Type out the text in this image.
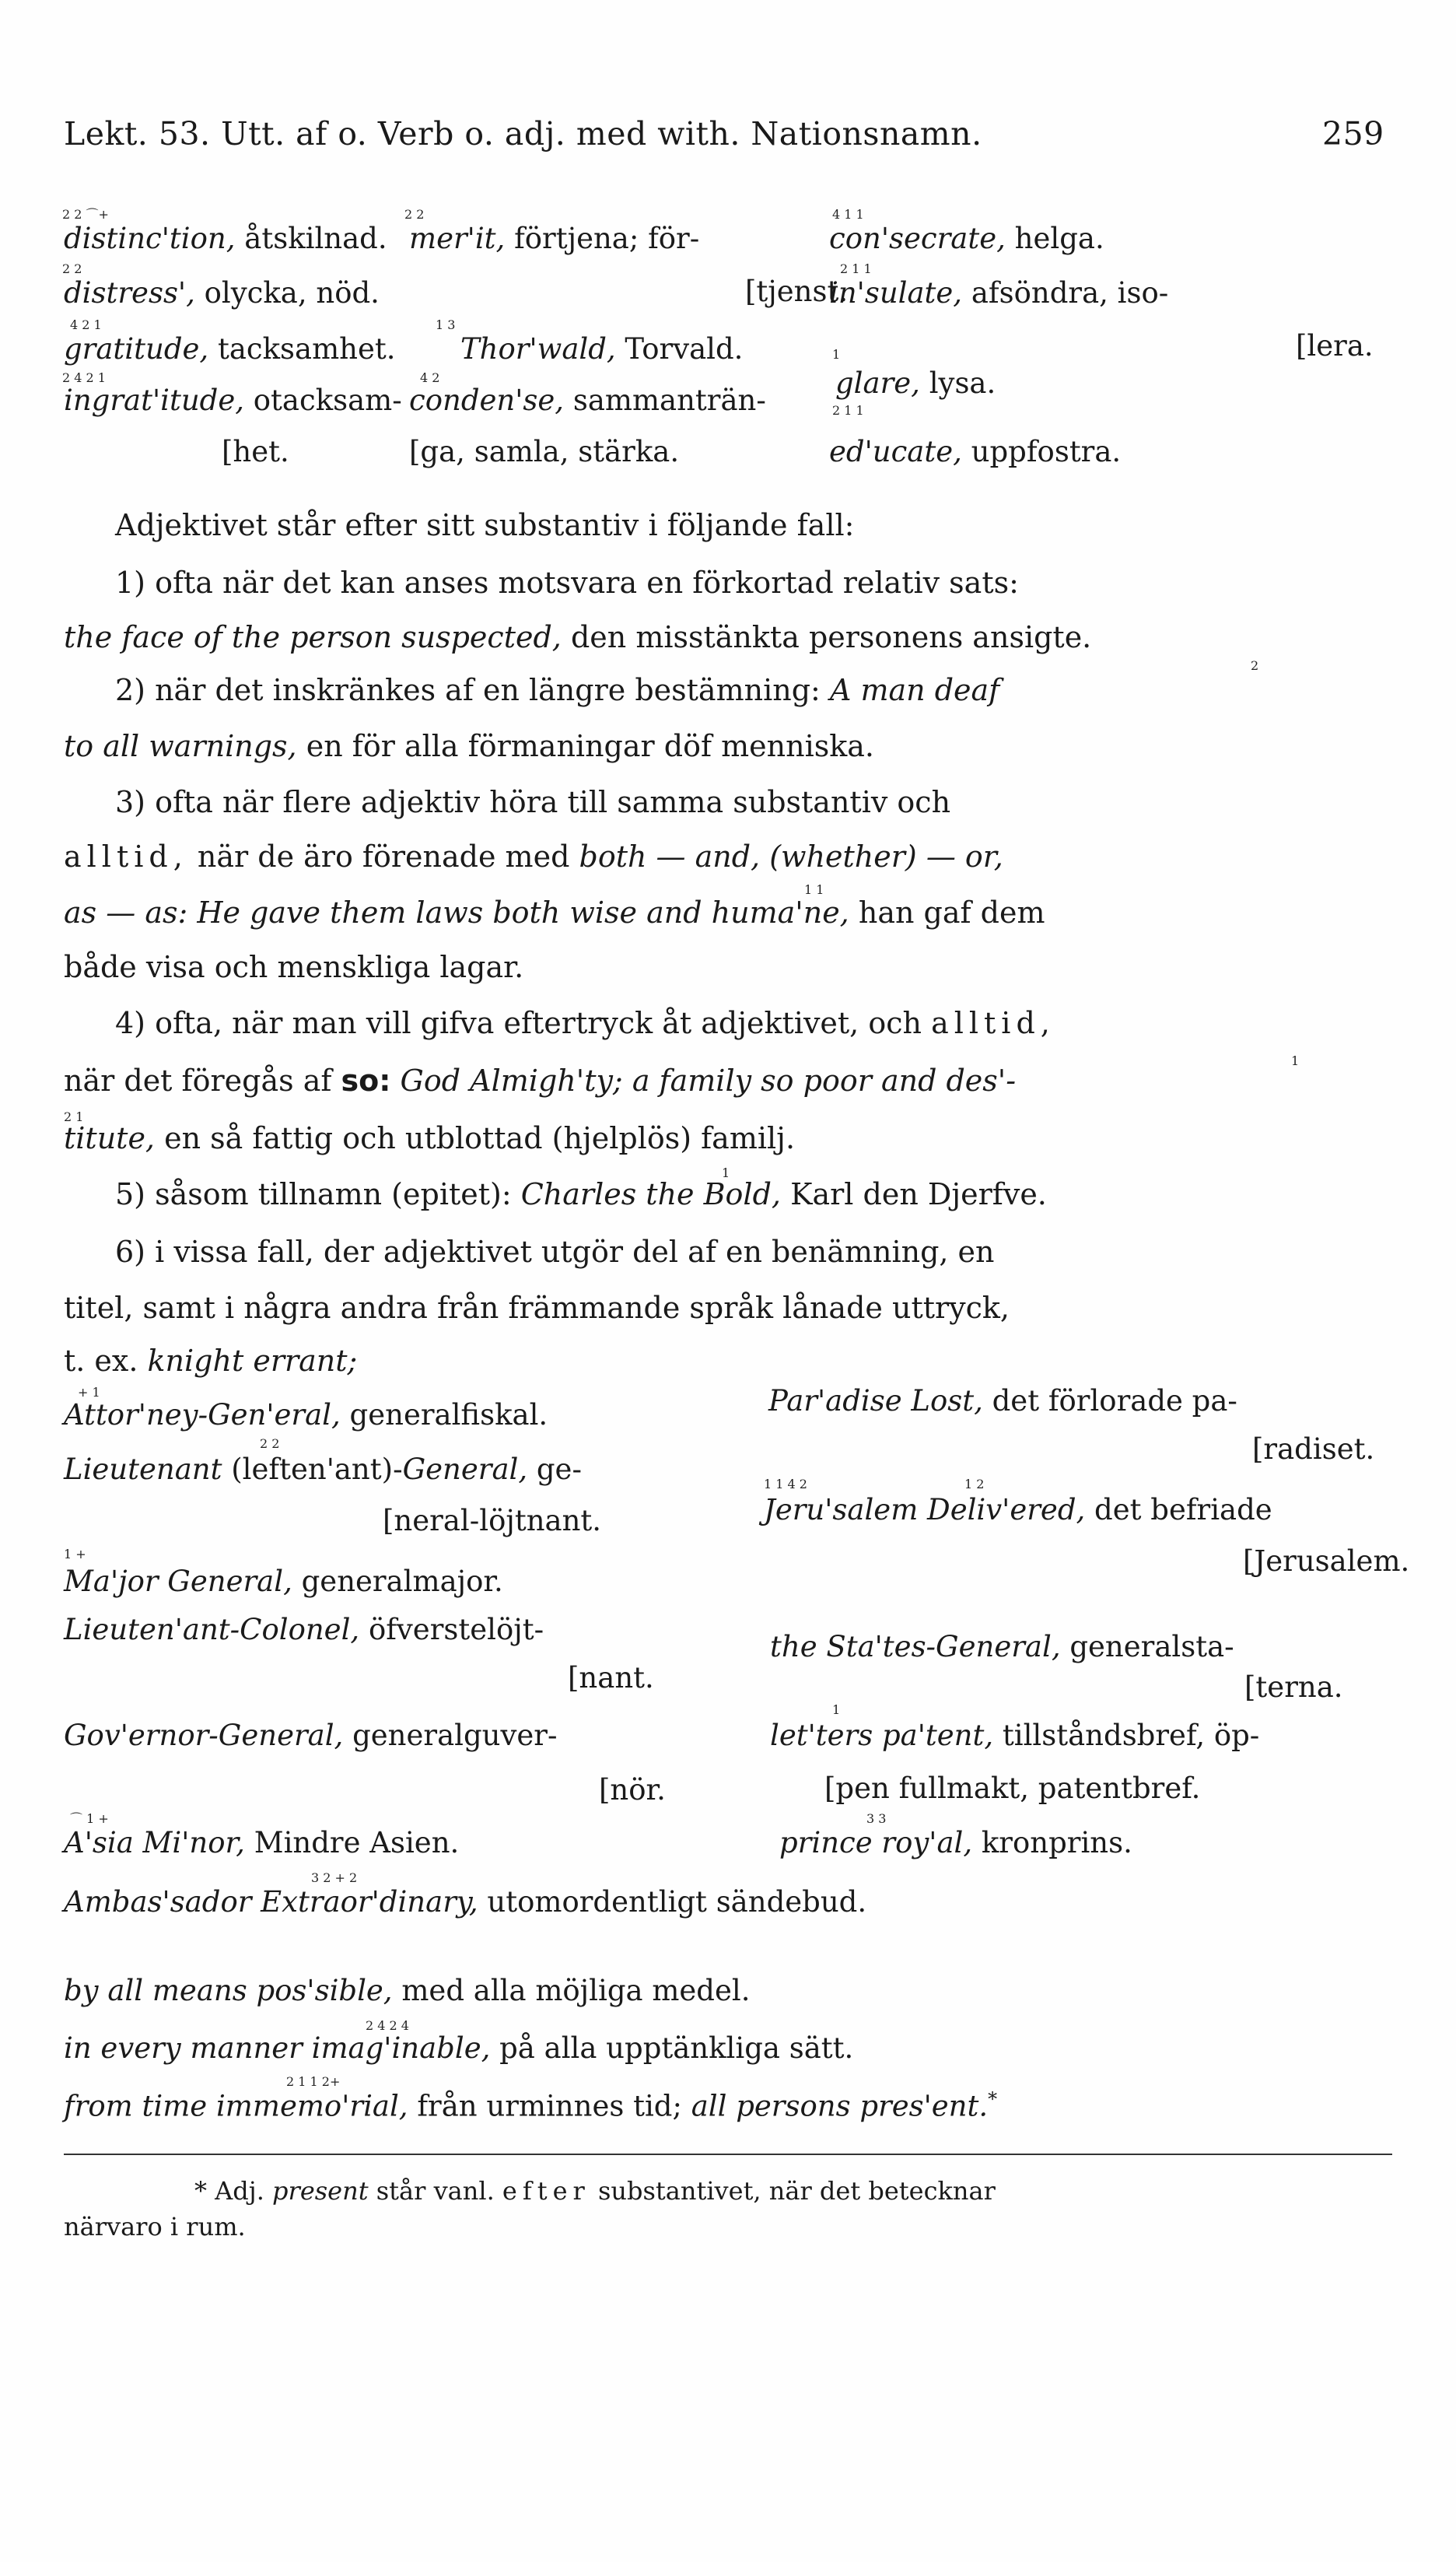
Lekt. 53. Utt. af o. Verb o. adj. med with. Nationsnamn.	259
2 2 ⌒+	2 2	4 1 1
2 2	2 1 1
4 2 1	1 3
2 4 2 1	4 2
2 1 1
1
distinc'tion, åtskilnad.
distress', olycka, nöd.
gratitude, tacksamhet.
ingrat'itude, otacksam-
[het.
mer'it, förtjena; för-
[tjenst.
Thor'wald, Torvald.
conden'se, sammanträn-
[ga, samla, stärka.
con'secrate, helga.
in'sulate, afsöndra, iso-
[lera.
glare, lysa.
ed'ucate, uppfostra.
Adjektivet står efter sitt substantiv i följande fall:
1) ofta när det kan anses motsvara en förkortad relativ sats:
the face of the person suspected, den misstänkta personens ansigte.
2
2) när det inskränkes af en längre bestämning: A man deaf
to all warnings, en för alla förmaningar döf menniska.
3) ofta när flere adjektiv höra till samma substantiv och
alltid, när de äro förenade med both — and, (whether) — or,
1 1
as — as: He gave them laws both wise and huma'ne, han gaf dem
både visa och menskliga lagar.
4) ofta, när man vill gifva eftertryck åt adjektivet, och alltid,
1
när det föregås af so: God Almigh'ty; a family so poor and des'-
2 1
titute, en så fattig och utblottad (hjelplös) familj.
1
5) såsom tillnamn (epitet): Charles the Bold, Karl den Djerfve.
6) i vissa fall, der adjektivet utgör del af en benämning, en
titel, samt i några andra från främmande språk lånade uttryck,
t. ex. knight errant;
+ 1
Attor'ney-Gen'eral, generalfiskal.
2 2
Lieutenant (leften'ant)-General, ge-
[neral-löjtnant.
1 +
Ma'jor General, generalmajor.
Lieuten'ant-Colonel, öfverstelöjt-
[nant.
Gov'ernor-General, generalguver-
[nör.
⌒ 1 +
A'sia Mi'nor, Mindre Asien.
Par'adise Lost, det förlorade pa-
[radiset.
1 1 4 2	1 2
Jeru'salem Deliv'ered, det befriade
[Jerusalem.
the Sta'tes-General, generalsta-
[terna.
1
let'ters pa'tent, tillståndsbref, öp-
[pen fullmakt, patentbref.
3 3
prince roy'al, kronprins.
3 2 + 2
Ambas'sador Extraor'dinary, utomordentligt sändebud.
by all means pos'sible, med alla möjliga medel.
2 4 2 4
in every manner imag'inable, på alla upptänkliga sätt.
2 1 1 2+
from time immemo'rial, från urminnes tid; all persons pres'ent.*
* Adj. present står vanl. efter substantivet, när det betecknar
närvaro i rum.
